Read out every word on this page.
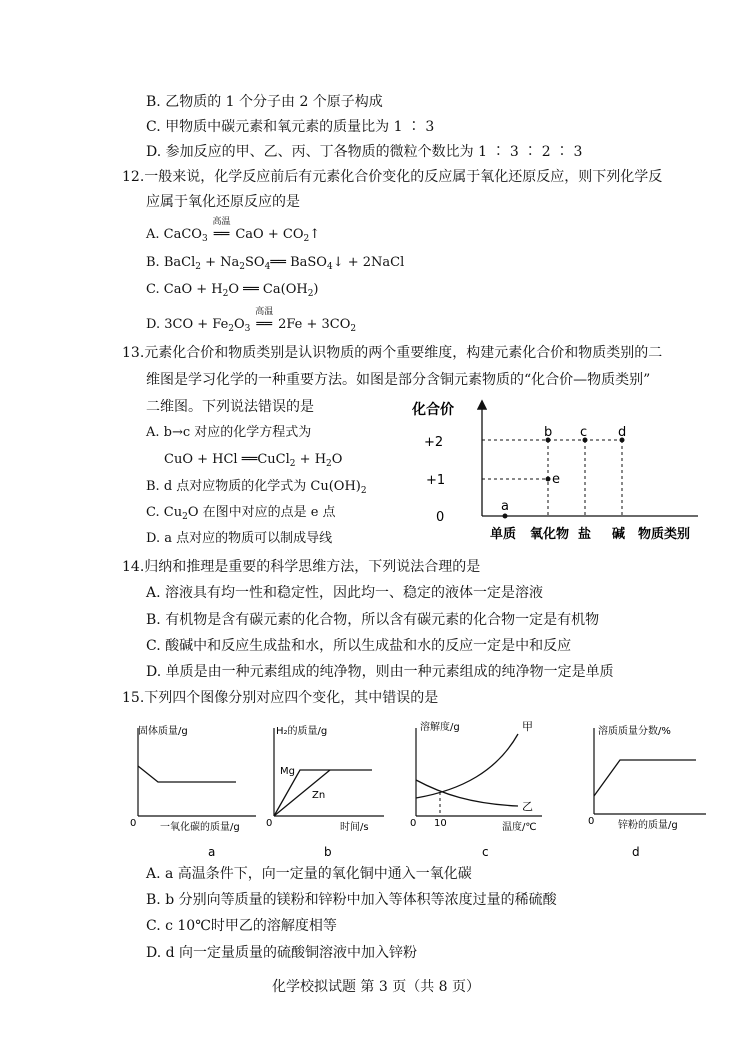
B. 乙物质的 1 个分子由 2 个原子构成
C. 甲物质中碳元素和氧元素的质量比为 1 ∶ 3
D. 参加反应的甲、乙、丙、丁各物质的微粒个数比为 1 ∶ 3 ∶ 2 ∶ 3
12.一般来说，化学反应前后有元素化合价变化的反应属于氧化还原反应，则下列化学反
应属于氧化还原反应的是
A. CaCO$_3$
高温
══ CaO + $CO_2↑$
B. BaCl$_2$ + $Na_2SO_4══$ BaSO$_4$↓ + 2NaCl
C. CaO + $H_2O$ ══ $Ca(OH_2)$
D. $3CO + Fe_2O_3$
高温
══ $2Fe + 3CO_2$
13.元素化合价和物质类别是认识物质的两个重要维度，构建元素化合价和物质类别的二
维图是学习化学的一种重要方法。如图是部分含铜元素物质的“化合价—物质类别”
二维图。下列说法错误的是
A. b→c 对应的化学方程式为
CuO + HCl ══CuCl$_2$ + $H_2O$
B. d 点对应物质的化学式为 $Cu(OH)_2$
C. $Cu_2O$ 在图中对应的点是 e 点
D. a 点对应的物质可以制成导线
化合价
+2
+1
0
a
b c d
e
单质 氧化物 盐 碱 物质类别
14.归纳和推理是重要的科学思维方法，下列说法合理的是
A. 溶液具有均一性和稳定性，因此均一、稳定的液体一定是溶液
B. 有机物是含有碳元素的化合物，所以含有碳元素的化合物一定是有机物
C. 酸碱中和反应生成盐和水，所以生成盐和水的反应一定是中和反应
D. 单质是由一种元素组成的纯净物，则由一种元素组成的纯净物一定是单质
15.下列四个图像分别对应四个变化，其中错误的是
固体质量/g
0 一氧化碳的质量/g
a
H₂的质量/g
Mg
Zn
0	时间/s
b
溶解度/g	甲
乙
0 10	温度/℃
c
溶质质量分数/%
0 锌粉的质量/g
d
A. a 高温条件下，向一定量的氧化铜中通入一氧化碳
B. b 分别向等质量的镁粉和锌粉中加入等体积等浓度过量的稀硫酸
C. c 10℃时甲乙的溶解度相等
D. d 向一定量质量的硫酸铜溶液中加入锌粉
化学校拟试题 第 3 页（共 8 页）
